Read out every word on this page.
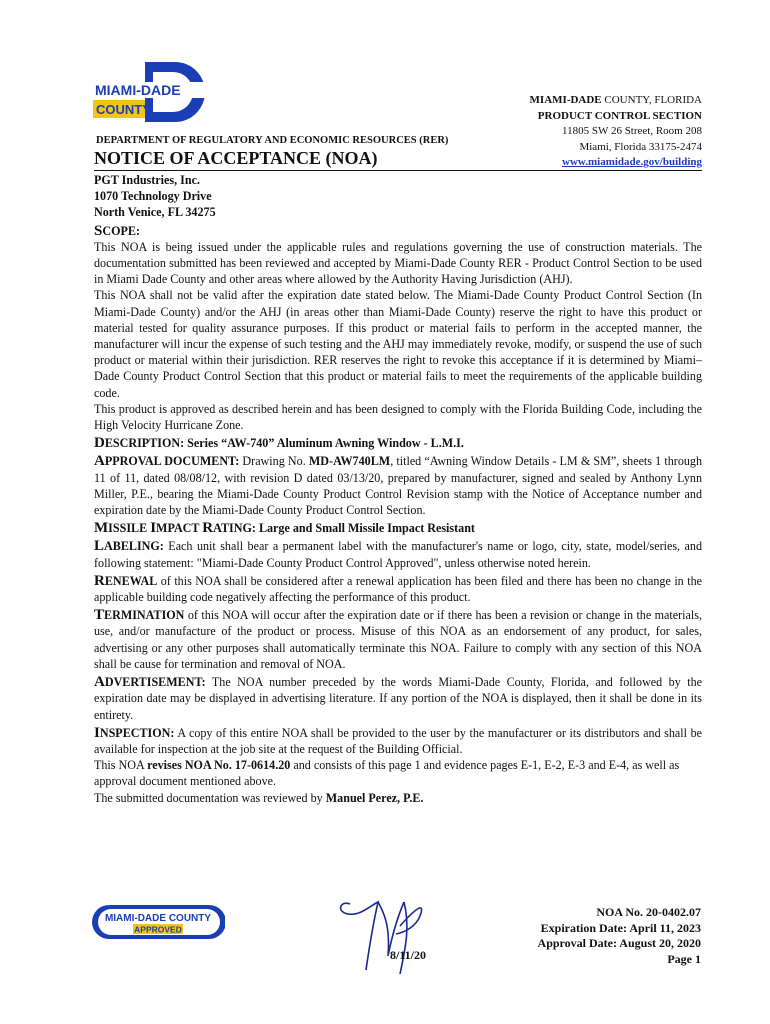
MIAMI-DADE
COUNTY
MIAMI-DADE COUNTY, FLORIDA
PRODUCT CONTROL SECTION
11805 SW 26 Street, Room 208
Miami, Florida 33175-2474
www.miamidade.gov/building
DEPARTMENT OF REGULATORY AND ECONOMIC RESOURCES (RER)
NOTICE OF ACCEPTANCE (NOA)
PGT Industries, Inc.
1070 Technology Drive
North Venice, FL 34275
SCOPE:

This NOA is being issued under the applicable rules and regulations governing the use of construction materials. The documentation submitted has been reviewed and accepted by Miami-Dade County RER - Product Control Section to be used in Miami Dade County and other areas where allowed by the Authority Having Jurisdiction (AHJ).

This NOA shall not be valid after the expiration date stated below. The Miami-Dade County Product Control Section (In Miami-Dade County) and/or the AHJ (in areas other than Miami-Dade County) reserve the right to have this product or material tested for quality assurance purposes. If this product or material fails to perform in the accepted manner, the manufacturer will incur the expense of such testing and the AHJ may immediately revoke, modify, or suspend the use of such product or material within their jurisdiction. RER reserves the right to revoke this acceptance if it is determined by Miami–Dade County Product Control Section that this product or material fails to meet the requirements of the applicable building code.

This product is approved as described herein and has been designed to comply with the Florida Building Code, including the High Velocity Hurricane Zone.

DESCRIPTION: Series “AW-740” Aluminum Awning Window - L.M.I.

APPROVAL DOCUMENT: Drawing No. MD-AW740LM, titled “Awning Window Details - LM & SM”, sheets 1 through 11 of 11, dated 08/08/12, with revision D dated 03/13/20, prepared by manufacturer, signed and sealed by Anthony Lynn Miller, P.E., bearing the Miami-Dade County Product Control Revision stamp with the Notice of Acceptance number and expiration date by the Miami-Dade County Product Control Section.

MISSILE IMPACT RATING: Large and Small Missile Impact Resistant

LABELING: Each unit shall bear a permanent label with the manufacturer's name or logo, city, state, model/series, and following statement: "Miami-Dade County Product Control Approved", unless otherwise noted herein.

RENEWAL of this NOA shall be considered after a renewal application has been filed and there has been no change in the applicable building code negatively affecting the performance of this product.

TERMINATION of this NOA will occur after the expiration date or if there has been a revision or change in the materials, use, and/or manufacture of the product or process. Misuse of this NOA as an endorsement of any product, for sales, advertising or any other purposes shall automatically terminate this NOA. Failure to comply with any section of this NOA shall be cause for termination and removal of NOA.

ADVERTISEMENT: The NOA number preceded by the words Miami-Dade County, Florida, and followed by the expiration date may be displayed in advertising literature. If any portion of the NOA is displayed, then it shall be done in its entirety.

INSPECTION: A copy of this entire NOA shall be provided to the user by the manufacturer or its distributors and shall be available for inspection at the job site at the request of the Building Official.

This NOA revises NOA No. 17-0614.20 and consists of this page 1 and evidence pages E-1, E-2, E-3 and E-4, as well as approval document mentioned above.

The submitted documentation was reviewed by Manuel Perez, P.E.

MIAMI-DADE COUNTY
APPROVED
8/11/20
NOA No. 20-0402.07
Expiration Date: April 11, 2023
Approval Date: August 20, 2020
Page 1
